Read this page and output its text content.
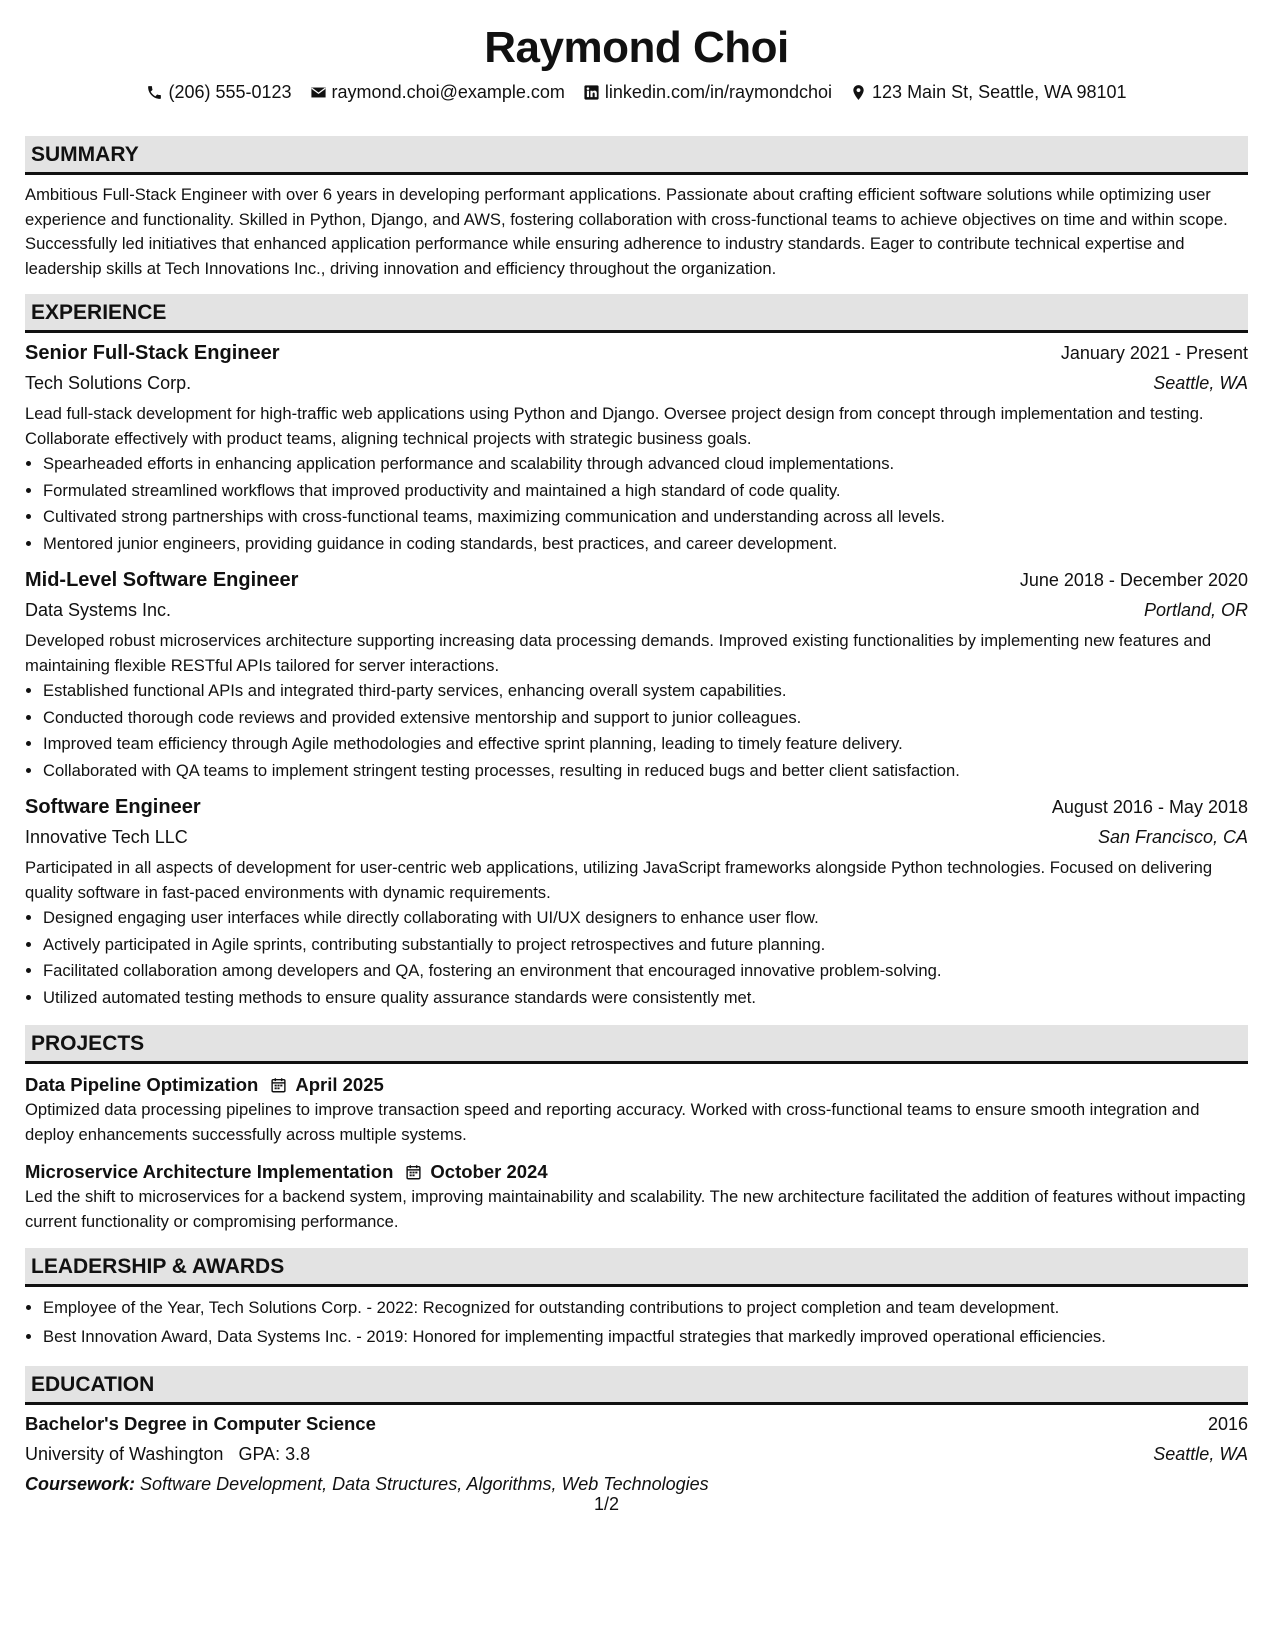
Raymond Choi
(206) 555-0123 raymond.choi@example.com linkedin.com/in/raymondchoi 123 Main St, Seattle, WA 98101
SUMMARY
Ambitious Full-Stack Engineer with over 6 years in developing performant applications. Passionate about crafting efficient software solutions while optimizing user experience and functionality. Skilled in Python, Django, and AWS, fostering collaboration with cross-functional teams to achieve objectives on time and within scope. Successfully led initiatives that enhanced application performance while ensuring adherence to industry standards. Eager to contribute technical expertise and leadership skills at Tech Innovations Inc., driving innovation and efficiency throughout the organization.
EXPERIENCE
Senior Full-Stack Engineer	January 2021 - Present
Tech Solutions Corp.	Seattle, WA
Lead full-stack development for high-traffic web applications using Python and Django. Oversee project design from concept through implementation and testing. Collaborate effectively with product teams, aligning technical projects with strategic business goals.
• Spearheaded efforts in enhancing application performance and scalability through advanced cloud implementations.
• Formulated streamlined workflows that improved productivity and maintained a high standard of code quality.
• Cultivated strong partnerships with cross-functional teams, maximizing communication and understanding across all levels.
• Mentored junior engineers, providing guidance in coding standards, best practices, and career development.
Mid-Level Software Engineer	June 2018 - December 2020
Data Systems Inc.	Portland, OR
Developed robust microservices architecture supporting increasing data processing demands. Improved existing functionalities by implementing new features and maintaining flexible RESTful APIs tailored for server interactions.
• Established functional APIs and integrated third-party services, enhancing overall system capabilities.
• Conducted thorough code reviews and provided extensive mentorship and support to junior colleagues.
• Improved team efficiency through Agile methodologies and effective sprint planning, leading to timely feature delivery.
• Collaborated with QA teams to implement stringent testing processes, resulting in reduced bugs and better client satisfaction.
Software Engineer	August 2016 - May 2018
Innovative Tech LLC	San Francisco, CA
Participated in all aspects of development for user-centric web applications, utilizing JavaScript frameworks alongside Python technologies. Focused on delivering quality software in fast-paced environments with dynamic requirements.
• Designed engaging user interfaces while directly collaborating with UI/UX designers to enhance user flow.
• Actively participated in Agile sprints, contributing substantially to project retrospectives and future planning.
• Facilitated collaboration among developers and QA, fostering an environment that encouraged innovative problem-solving.
• Utilized automated testing methods to ensure quality assurance standards were consistently met.
PROJECTS
Data Pipeline Optimization April 2025
Optimized data processing pipelines to improve transaction speed and reporting accuracy. Worked with cross-functional teams to ensure smooth integration and deploy enhancements successfully across multiple systems.
Microservice Architecture Implementation October 2024
Led the shift to microservices for a backend system, improving maintainability and scalability. The new architecture facilitated the addition of features without impacting current functionality or compromising performance.
LEADERSHIP & AWARDS
• Employee of the Year, Tech Solutions Corp. - 2022: Recognized for outstanding contributions to project completion and team development.
• Best Innovation Award, Data Systems Inc. - 2019: Honored for implementing impactful strategies that markedly improved operational efficiencies.
EDUCATION
Bachelor's Degree in Computer Science	2016
University of Washington GPA: 3.8	Seattle, WA
Coursework: Software Development, Data Structures, Algorithms, Web Technologies
1/2
